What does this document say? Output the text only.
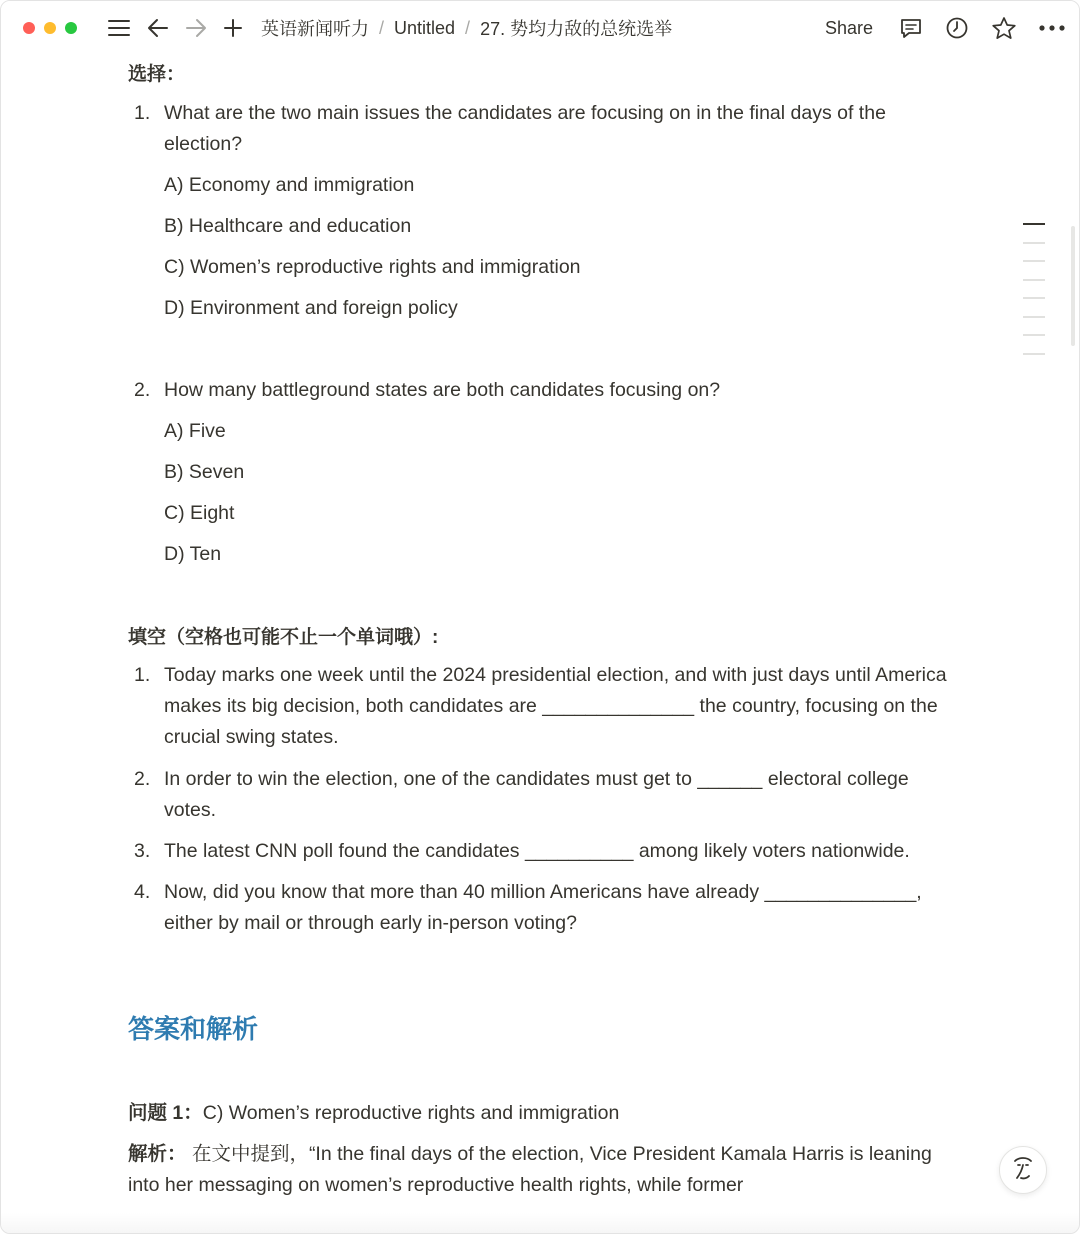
英语新闻听力 / Untitled / 27. 势均力敌的总统选举	Share
选择：
1. What are the two main issues the candidates are focusing on in the final days of the election?
A) Economy and immigration
B) Healthcare and education
C) Women’s reproductive rights and immigration
D) Environment and foreign policy
2. How many battleground states are both candidates focusing on?
A) Five
B) Seven
C) Eight
D) Ten
填空（空格也可能不止一个单词哦）:
1. Today marks one week until the 2024 presidential election, and with just days until America makes its big decision, both candidates are ______________ the country, focusing on the crucial swing states.
2. In order to win the election, one of the candidates must get to ______ electoral college votes.
3. The latest CNN poll found the candidates __________ among likely voters nationwide.
4. Now, did you know that more than 40 million Americans have already ______________, either by mail or through early in-person voting?
答案和解析
问题 1：C) Women’s reproductive rights and immigration
解析： 在文中提到，“In the final days of the election, Vice President Kamala Harris is leaning into her messaging on women’s reproductive health rights, while former
